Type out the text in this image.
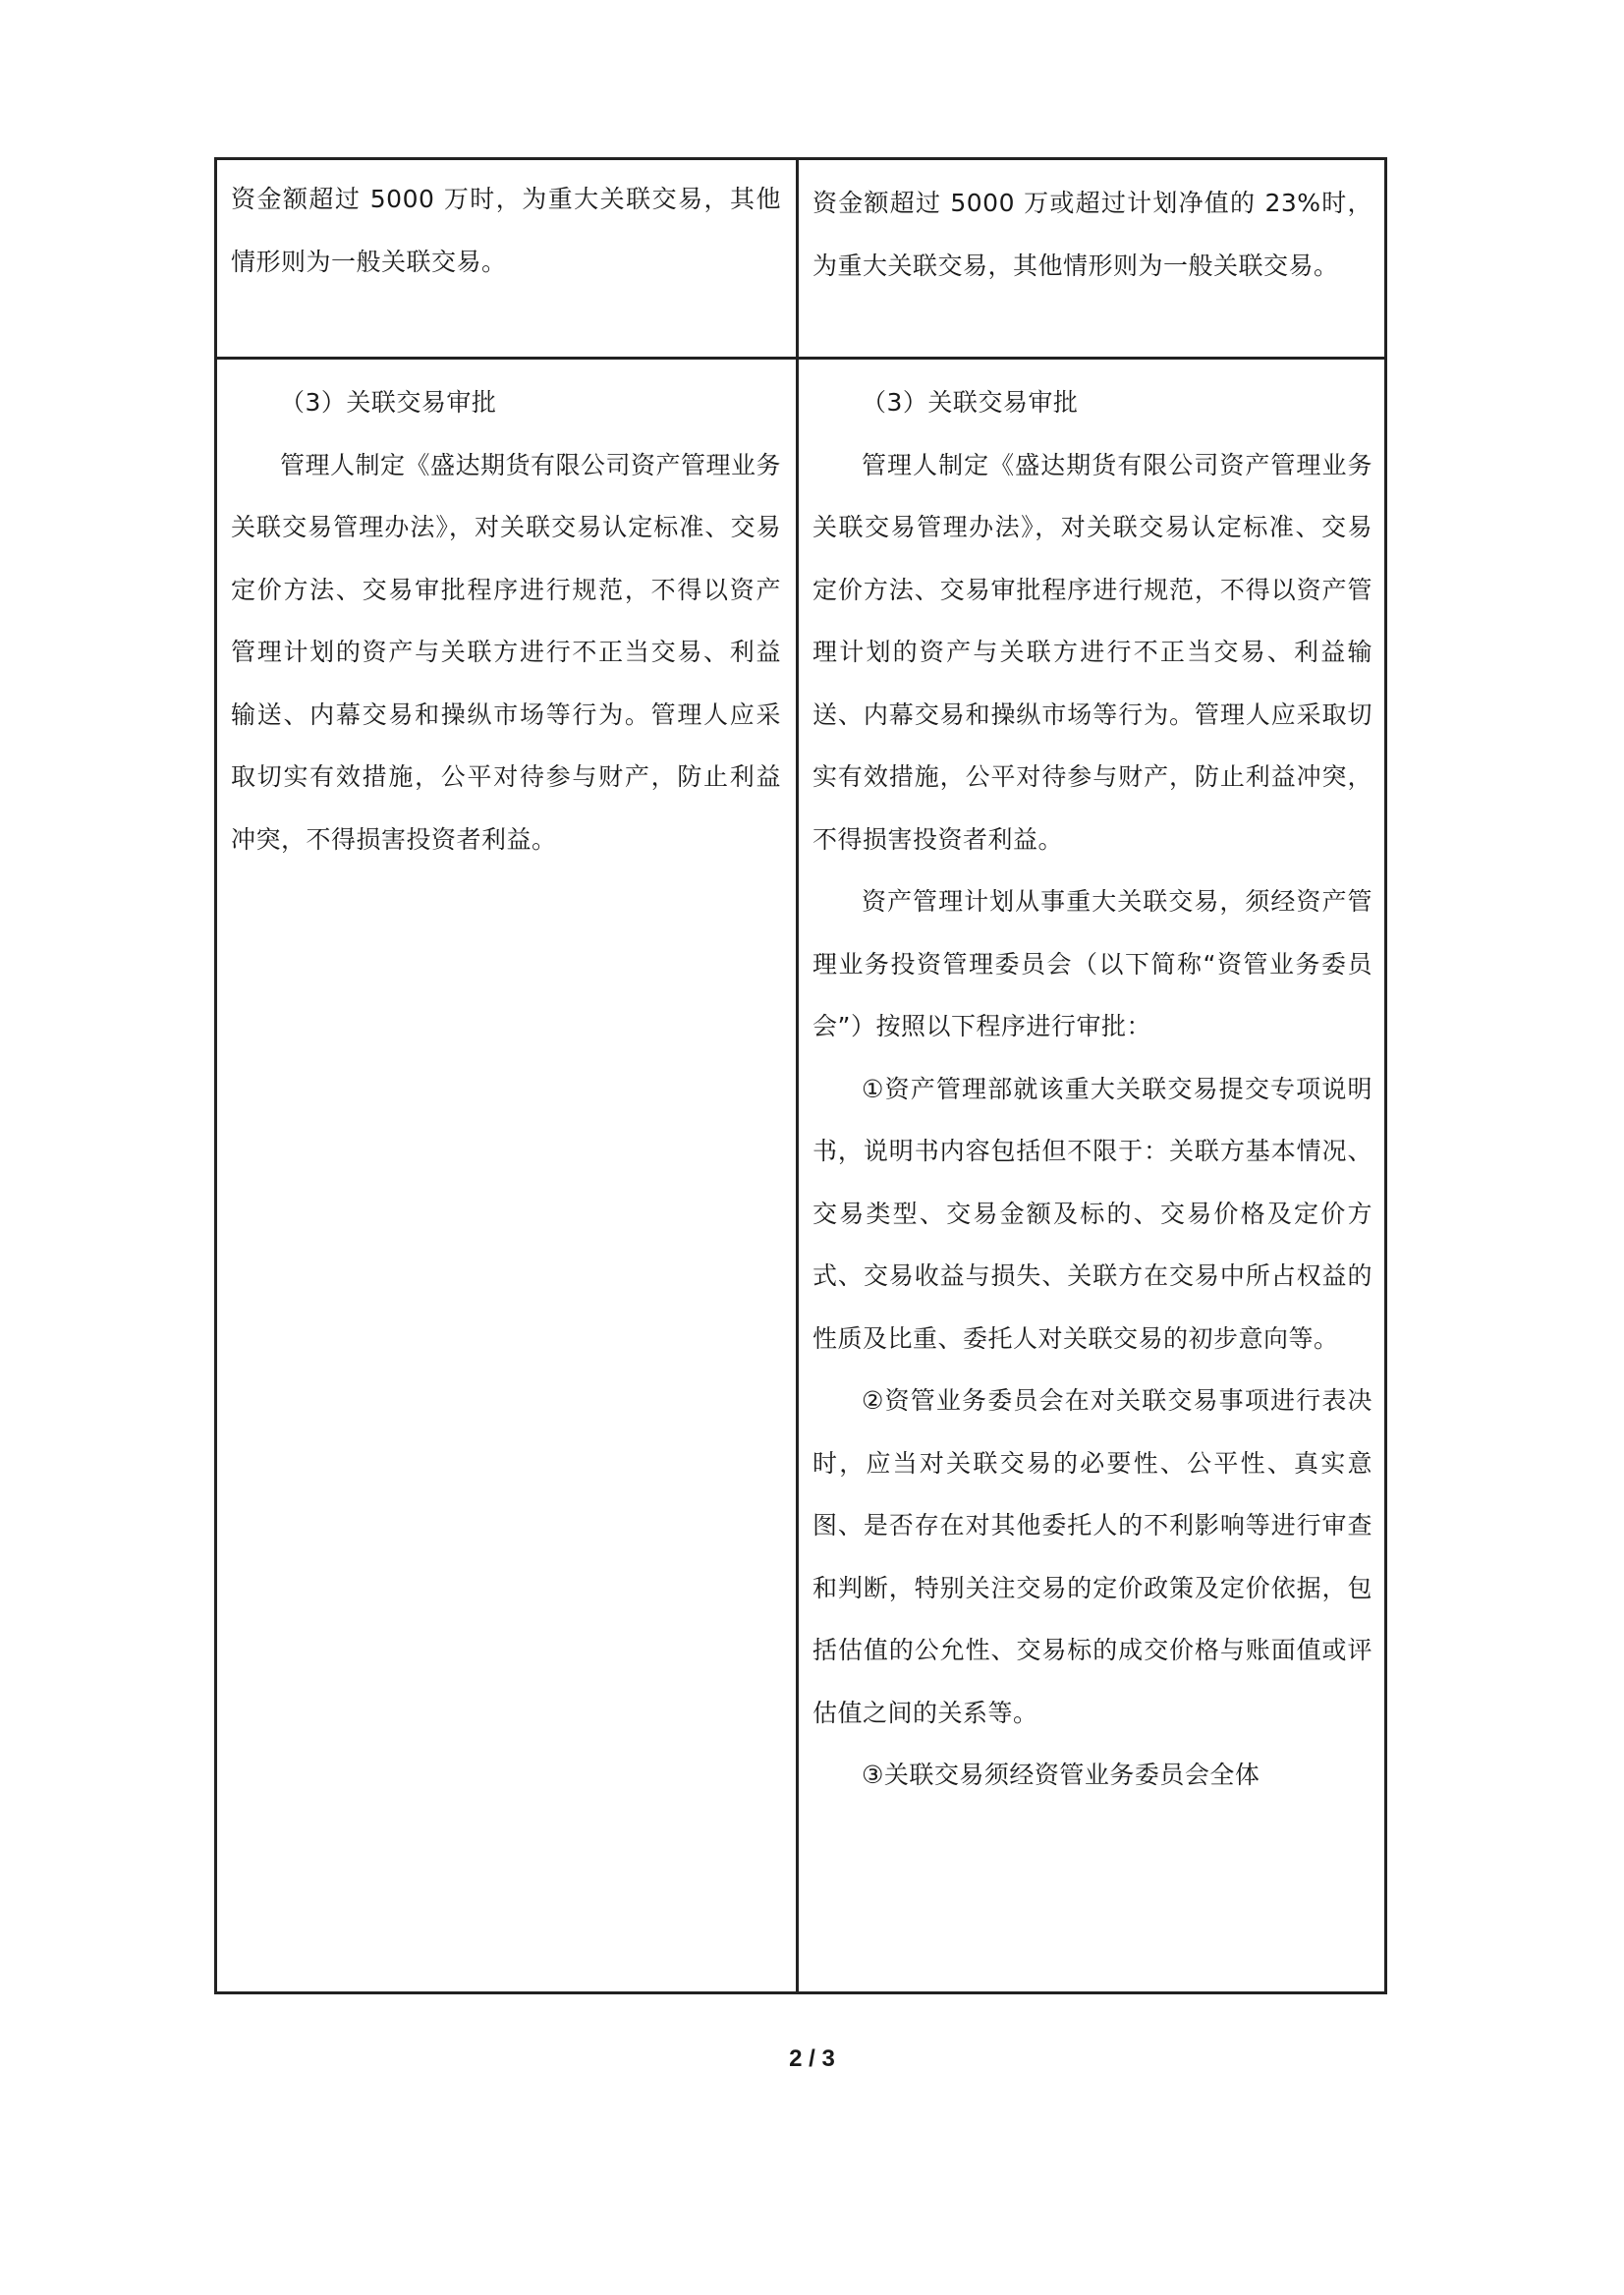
资金额超过 5000 万时，为重大关联交易，其他情形则为一般关联交易。

资金额超过 5000 万或超过计划净值的 23%时，为重大关联交易，其他情形则为一般关联交易。

（3）关联交易审批

管理人制定《盛达期货有限公司资产管理业务关联交易管理办法》，对关联交易认定标准、交易定价方法、交易审批程序进行规范，不得以资产管理计划的资产与关联方进行不正当交易、利益输送、内幕交易和操纵市场等行为。管理人应采取切实有效措施，公平对待参与财产，防止利益冲突，不得损害投资者利益。

（3）关联交易审批

管理人制定《盛达期货有限公司资产管理业务关联交易管理办法》，对关联交易认定标准、交易定价方法、交易审批程序进行规范，不得以资产管理计划的资产与关联方进行不正当交易、利益输送、内幕交易和操纵市场等行为。管理人应采取切实有效措施，公平对待参与财产，防止利益冲突，不得损害投资者利益。

资产管理计划从事重大关联交易，须经资产管理业务投资管理委员会（以下简称“资管业务委员会”）按照以下程序进行审批：

①资产管理部就该重大关联交易提交专项说明书，说明书内容包括但不限于：关联方基本情况、交易类型、交易金额及标的、交易价格及定价方式、交易收益与损失、关联方在交易中所占权益的性质及比重、委托人对关联交易的初步意向等。

②资管业务委员会在对关联交易事项进行表决时，应当对关联交易的必要性、公平性、真实意图、是否存在对其他委托人的不利影响等进行审查和判断，特别关注交易的定价政策及定价依据，包括估值的公允性、交易标的成交价格与账面值或评估值之间的关系等。

③关联交易须经资管业务委员会全体

2 / 3
